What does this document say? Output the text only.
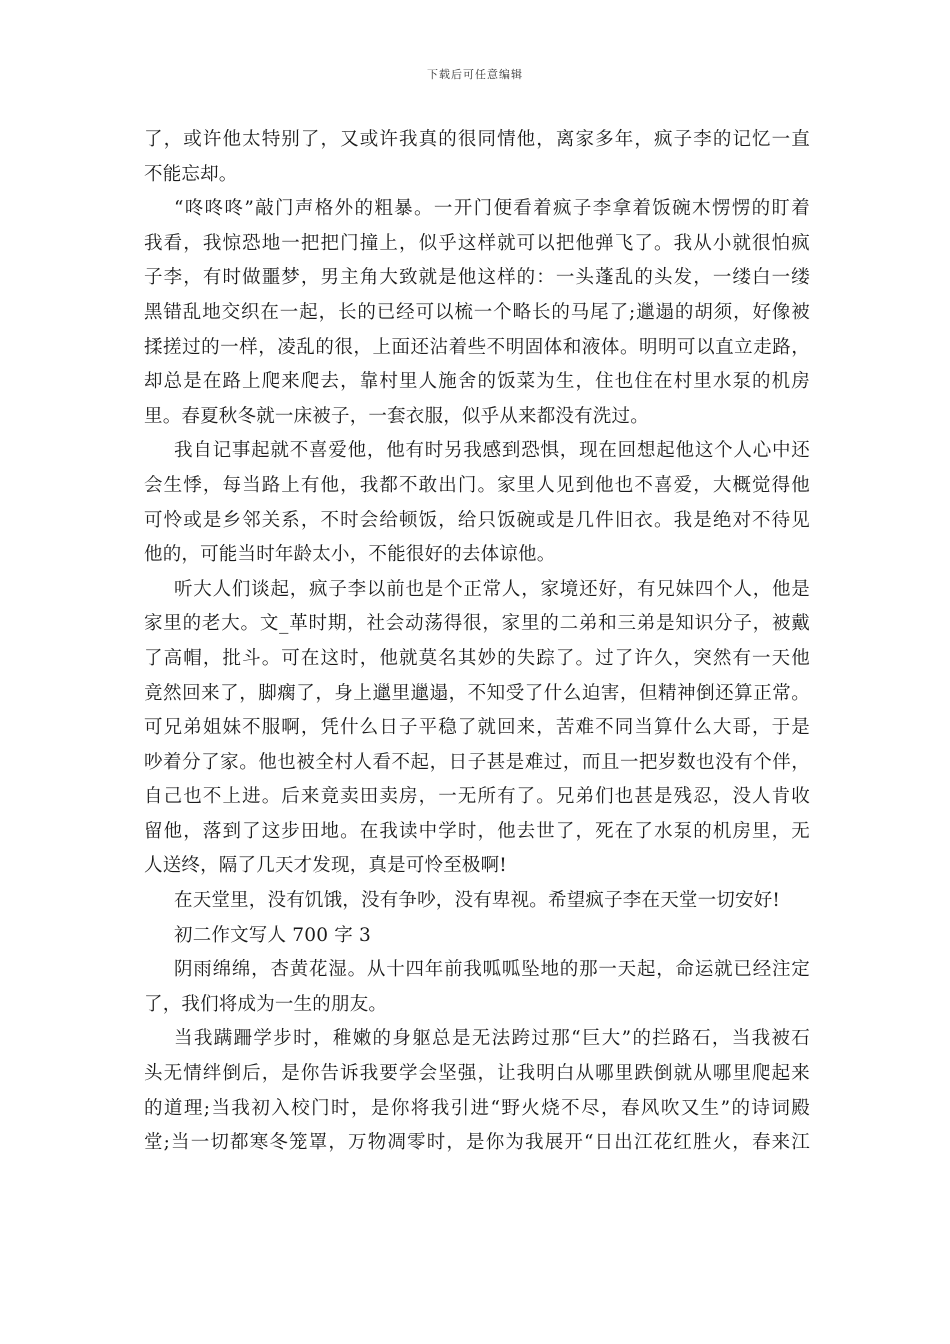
下载后可任意编辑
了，或许他太特别了，又或许我真的很同情他，离家多年，疯子李的记忆一直
不能忘却。
“咚咚咚”敲门声格外的粗暴。一开门便看着疯子李拿着饭碗木愣愣的盯着
我看，我惊恐地一把把门撞上，似乎这样就可以把他弹飞了。我从小就很怕疯
子李，有时做噩梦，男主角大致就是他这样的：一头蓬乱的头发，一缕白一缕
黑错乱地交织在一起，长的已经可以梳一个略长的马尾了;邋遢的胡须，好像被
揉搓过的一样，凌乱的很，上面还沾着些不明固体和液体。明明可以直立走路，
却总是在路上爬来爬去，靠村里人施舍的饭菜为生，住也住在村里水泵的机房
里。春夏秋冬就一床被子，一套衣服，似乎从来都没有洗过。
我自记事起就不喜爱他，他有时另我感到恐惧，现在回想起他这个人心中还
会生悸，每当路上有他，我都不敢出门。家里人见到他也不喜爱，大概觉得他
可怜或是乡邻关系，不时会给顿饭，给只饭碗或是几件旧衣。我是绝对不待见
他的，可能当时年龄太小，不能很好的去体谅他。
听大人们谈起，疯子李以前也是个正常人，家境还好，有兄妹四个人，他是
家里的老大。文_革时期，社会动荡得很，家里的二弟和三弟是知识分子，被戴
了高帽，批斗。可在这时，他就莫名其妙的失踪了。过了许久，突然有一天他
竟然回来了，脚瘸了，身上邋里邋遢，不知受了什么迫害，但精神倒还算正常。
可兄弟姐妹不服啊，凭什么日子平稳了就回来，苦难不同当算什么大哥，于是
吵着分了家。他也被全村人看不起，日子甚是难过，而且一把岁数也没有个伴，
自己也不上进。后来竟卖田卖房，一无所有了。兄弟们也甚是残忍，没人肯收
留他，落到了这步田地。在我读中学时，他去世了，死在了水泵的机房里，无
人送终，隔了几天才发现，真是可怜至极啊!
在天堂里，没有饥饿，没有争吵，没有卑视。希望疯子李在天堂一切安好!
初二作文写人 700 字 3
阴雨绵绵，杏黄花湿。从十四年前我呱呱坠地的那一天起，命运就已经注定
了，我们将成为一生的朋友。
当我蹒跚学步时，稚嫩的身躯总是无法跨过那“巨大”的拦路石，当我被石
头无情绊倒后，是你告诉我要学会坚强，让我明白从哪里跌倒就从哪里爬起来
的道理;当我初入校门时，是你将我引进“野火烧不尽，春风吹又生”的诗词殿
堂;当一切都寒冬笼罩，万物凋零时，是你为我展开“日出江花红胜火，春来江
